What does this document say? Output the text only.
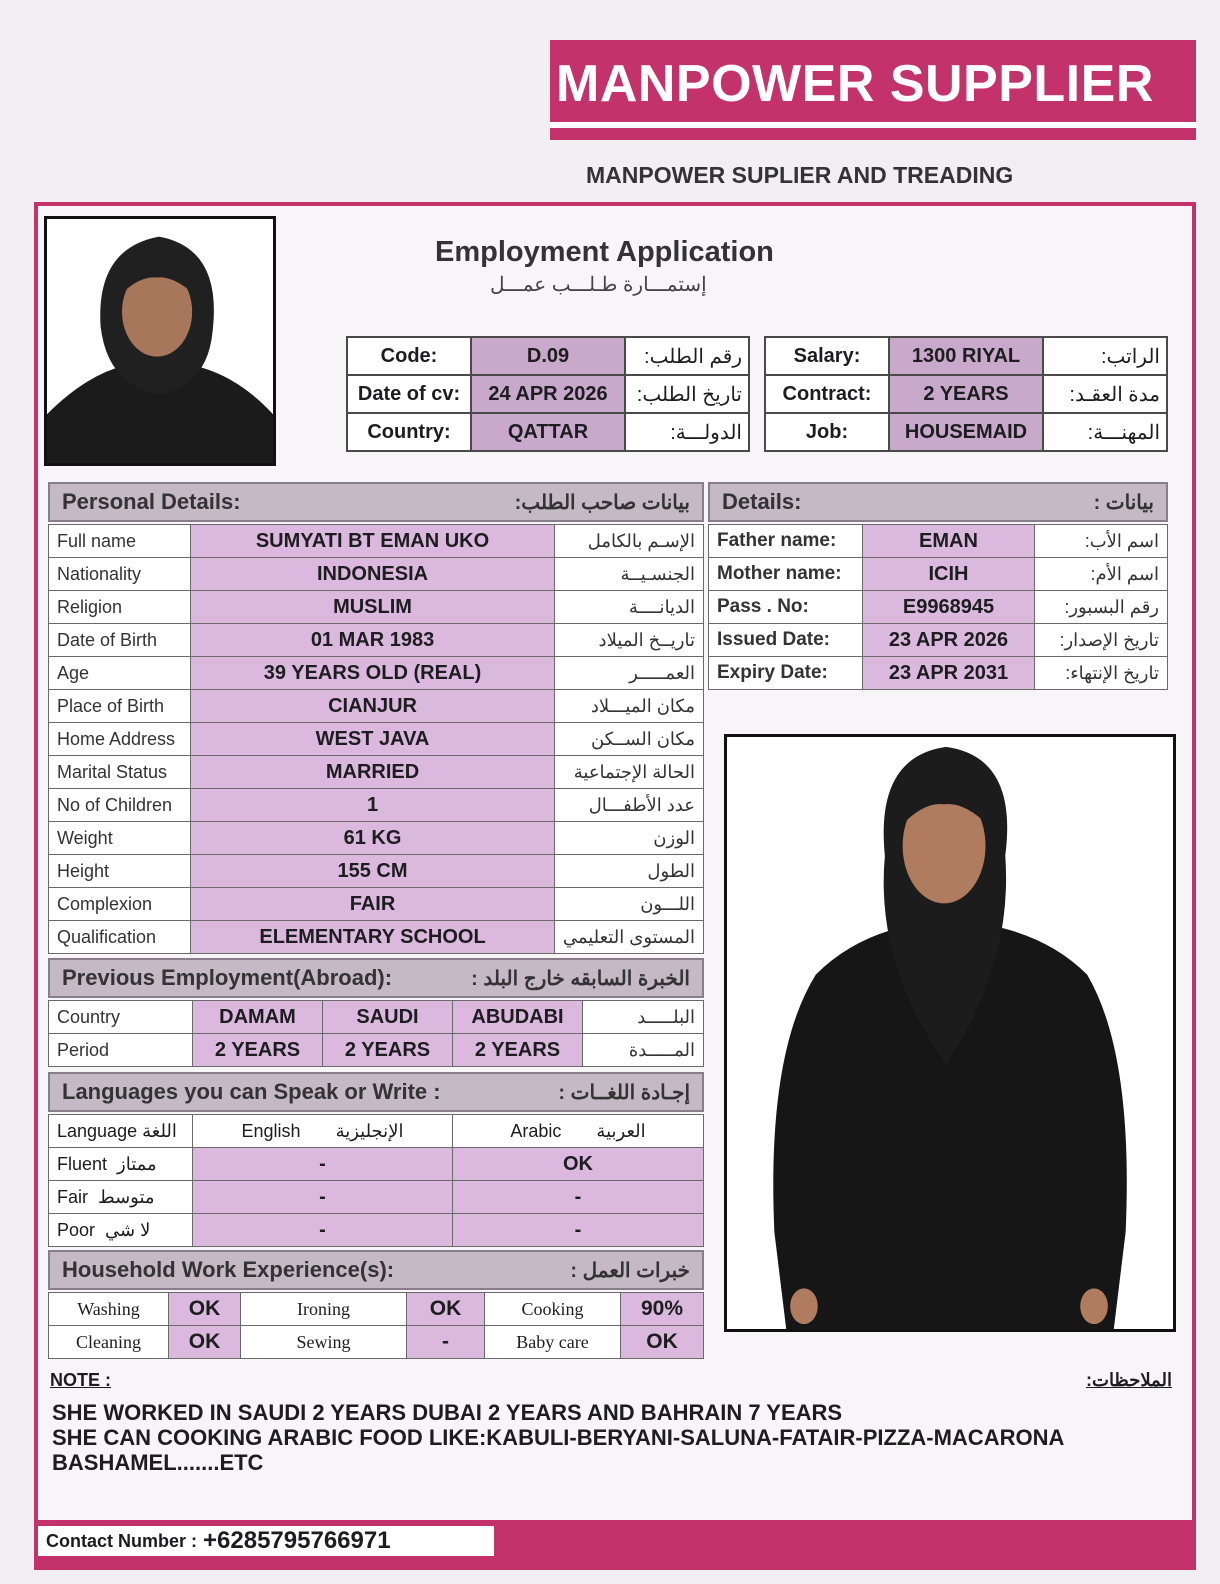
MANPOWER SUPPLIER
MANPOWER SUPLIER AND TREADING
Employment Application
إستمـــارة طـلـــب عمـــل
Code:	D.09	رقم الطلب:
Date of cv:	24 APR 2026	تاريخ الطلب:
Country:	QATTAR	الدولـــة:
Salary:	1300 RIYAL	الراتب:
Contract:	2 YEARS	مدة العقـد:
Job:	HOUSEMAID	المهنـــة:
Personal Details:	بيانات صاحب الطلب:
Full name	SUMYATI BT EMAN UKO	الإسـم بالكامل
Nationality	INDONESIA	الجنسـيــة
Religion	MUSLIM	الديانــــة
Date of Birth	01 MAR 1983	تاريــخ الميلاد
Age	39 YEARS OLD (REAL)	العمـــــر
Place of Birth	CIANJUR	مكان الميـــلاد
Home Address	WEST JAVA	مكان الســكن
Marital Status	MARRIED	الحالة الإجتماعية
No of Children	1	عدد الأطفـــال
Weight	61 KG	الوزن
Height	155 CM	الطول
Complexion	FAIR	اللـــون
Qualification	ELEMENTARY SCHOOL	المستوى التعليمي
Details:	بيانات :
Father name:	EMAN	اسم الأب:
Mother name:	ICIH	اسم الأم:
Pass . No:	E9968945	رقم البسبور:
Issued Date:	23 APR 2026	تاريخ الإصدار:
Expiry Date:	23 APR 2031	تاريخ الإنتهاء:
Previous Employment(Abroad):	الخبرة السابقه خارج البلد :
Country	DAMAM	SAUDI	ABUDABI	البلـــــد
Period	2 YEARS	2 YEARS	2 YEARS	المـــــدة
Languages you can Speak or Write :	إجـادة اللغــات :
Language اللغة	English الإنجليزية	Arabic العربية
Fluent ممتاز	-	OK
Fair متوسط	-	-
Poor لا شي	-	-
Household Work Experience(s):	خبرات العمل :
Washing	OK	Ironing	OK	Cooking	90%
Cleaning	OK	Sewing	-	Baby care	OK
NOTE :	الملاحظات:
SHE WORKED IN SAUDI 2 YEARS DUBAI 2 YEARS AND BAHRAIN 7 YEARS
SHE CAN COOKING ARABIC FOOD LIKE:KABULI-BERYANI-SALUNA-FATAIR-PIZZA-MACARONA
BASHAMEL.......ETC
Contact Number : +6285795766971
